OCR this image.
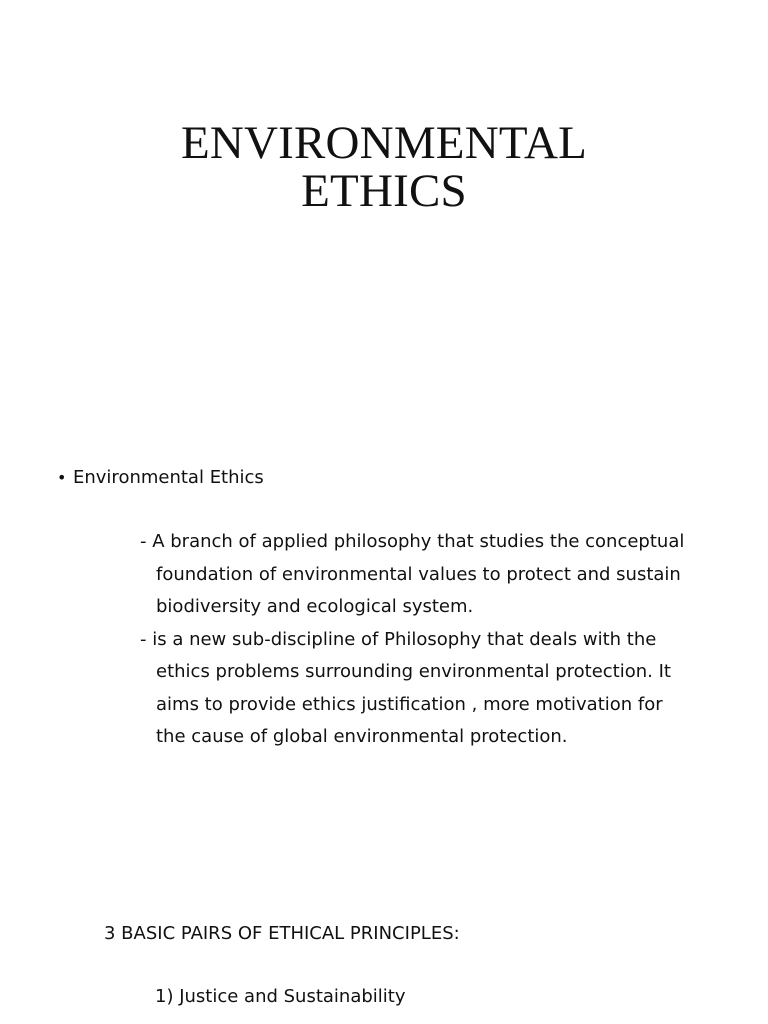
ENVIRONMENTAL
ETHICS
• Environmental Ethics
- A branch of applied philosophy that studies the conceptual
foundation of environmental values to protect and sustain
biodiversity and ecological system.
- is a new sub-discipline of Philosophy that deals with the
ethics problems surrounding environmental protection. It
aims to provide ethics justification , more motivation for
the cause of global environmental protection.
3 BASIC PAIRS OF ETHICAL PRINCIPLES:
1) Justice and Sustainability
